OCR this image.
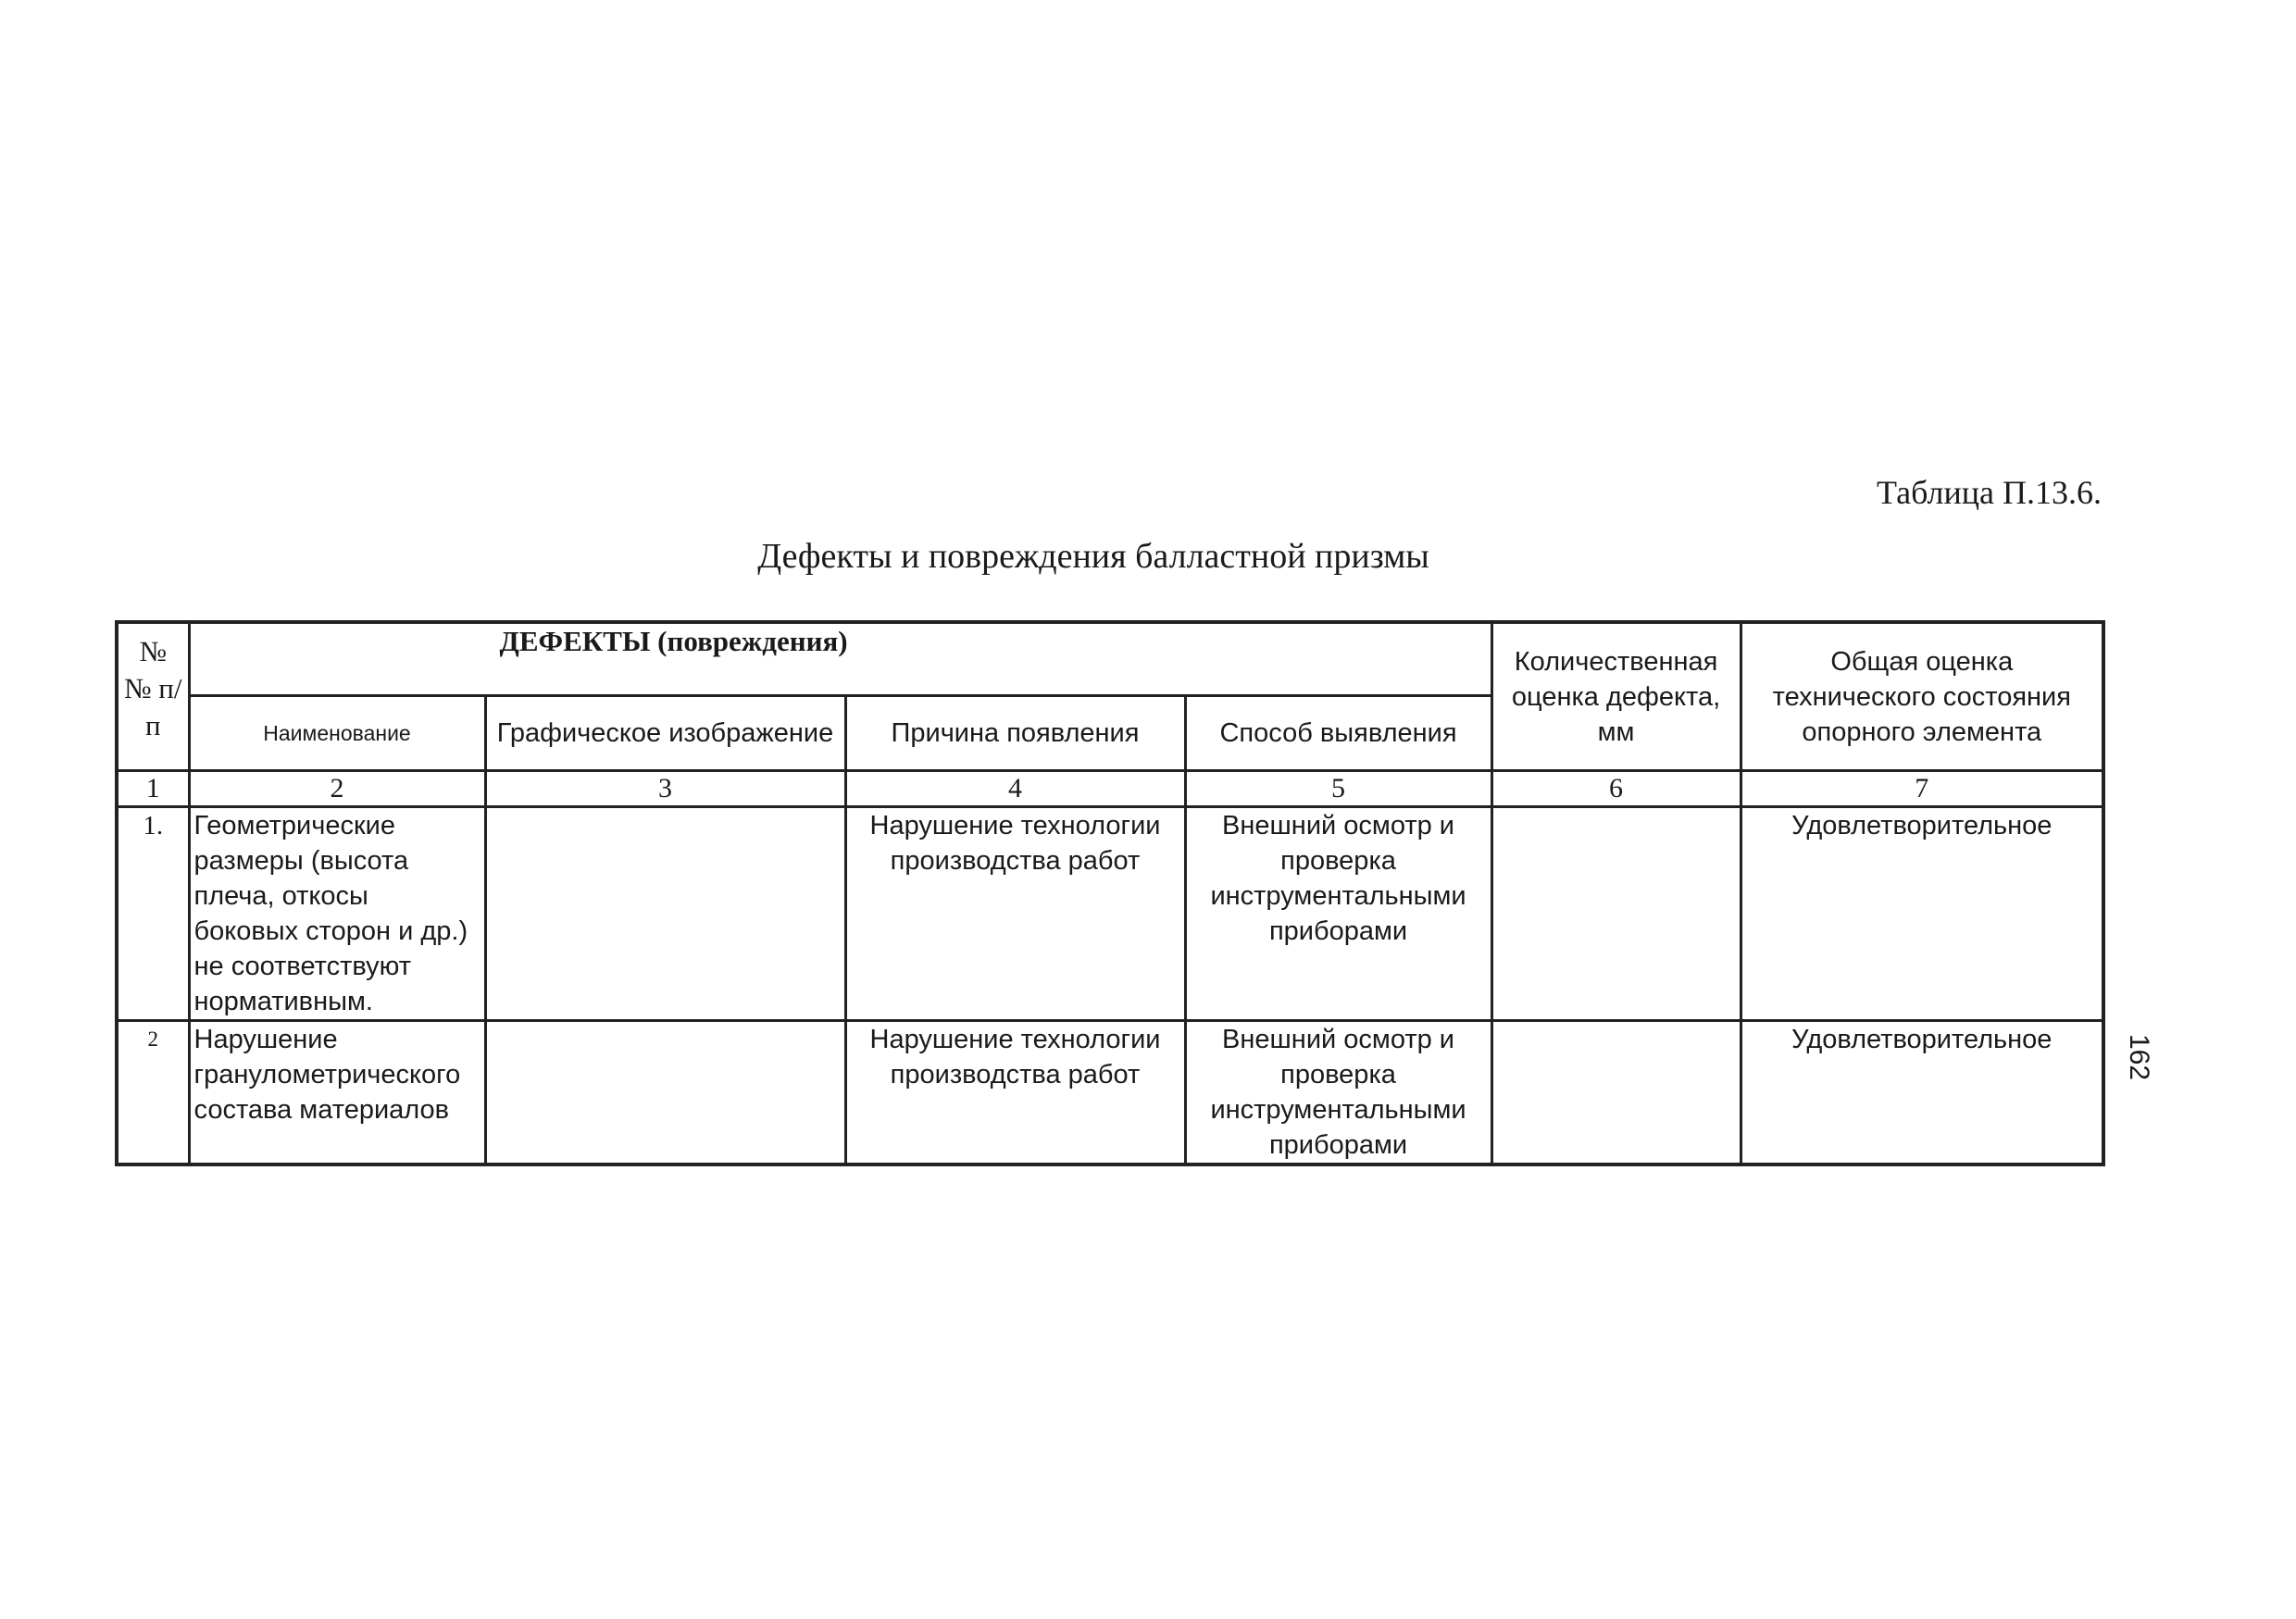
Таблица П.13.6.
Дефекты и повреждения балластной призмы
№ № п/п	ДЕФЕКТЫ (повреждения)				Количественная оценка дефекта, мм	Общая оценка технического состояния опорного элемента
	Наименование	Графическое изображение	Причина появления	Способ выявления		
1	2	3	4	5	6	7
1.	Геометрические размеры (высота плеча, откосы боковых сторон и др.) не соответствуют нормативным.		Нарушение технологии производства работ	Внешний осмотр и проверка инструментальными приборами		Удовлетворительное
2	Нарушение гранулометрического состава материалов		Нарушение технологии производства работ	Внешний осмотр и проверка инструментальными приборами		Удовлетворительное	162
